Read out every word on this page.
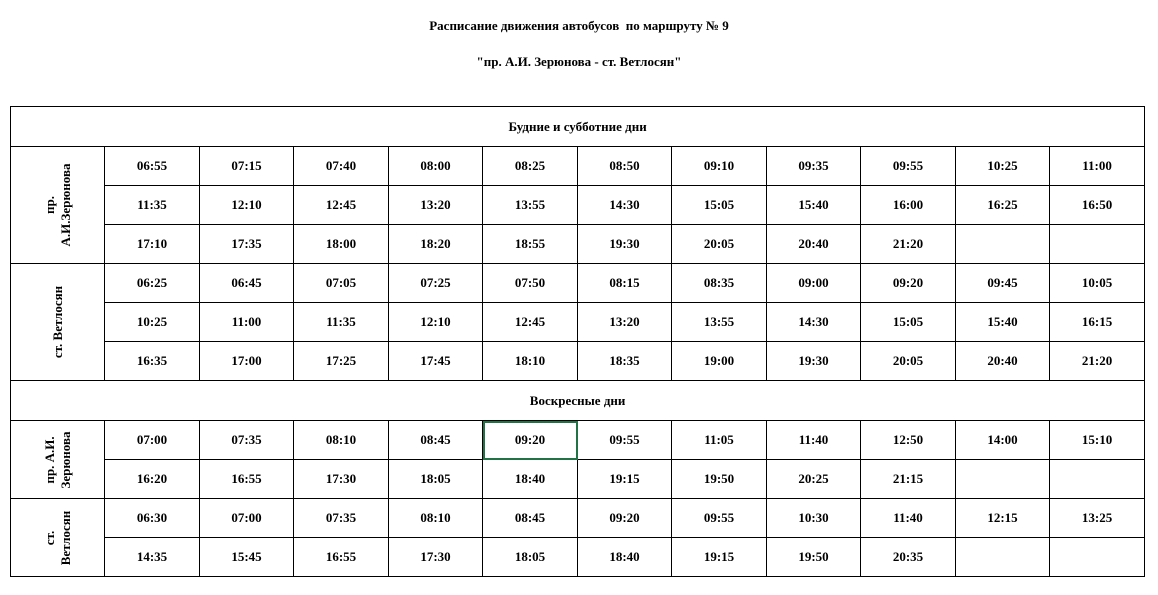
Расписание движения автобусов  по маршруту № 9
"пр. А.И. Зерюнова - ст. Ветлосян"
Будние и субботние дни											

пр. А.И.Зерюнова	06:55	07:15	07:40	08:00	08:25	08:50	09:10	09:35	09:55	10:25	11:00
	11:35	12:10	12:45	13:20	13:55	14:30	15:05	15:40	16:00	16:25	16:50
	17:10	17:35	18:00	18:20	18:55	19:30	20:05	20:40	21:20		

ст. Ветлосян	06:25	06:45	07:05	07:25	07:50	08:15	08:35	09:00	09:20	09:45	10:05
	10:25	11:00	11:35	12:10	12:45	13:20	13:55	14:30	15:05	15:40	16:15
	16:35	17:00	17:25	17:45	18:10	18:35	19:00	19:30	20:05	20:40	21:20
Воскресные дни											

пр. А.И. Зерюнова	07:00	07:35	08:10	08:45	09:20	09:55	11:05	11:40	12:50	14:00	15:10
	16:20	16:55	17:30	18:05	18:40	19:15	19:50	20:25	21:15		

ст. Ветлосян	06:30	07:00	07:35	08:10	08:45	09:20	09:55	10:30	11:40	12:15	13:25
	14:35	15:45	16:55	17:30	18:05	18:40	19:15	19:50	20:35		
